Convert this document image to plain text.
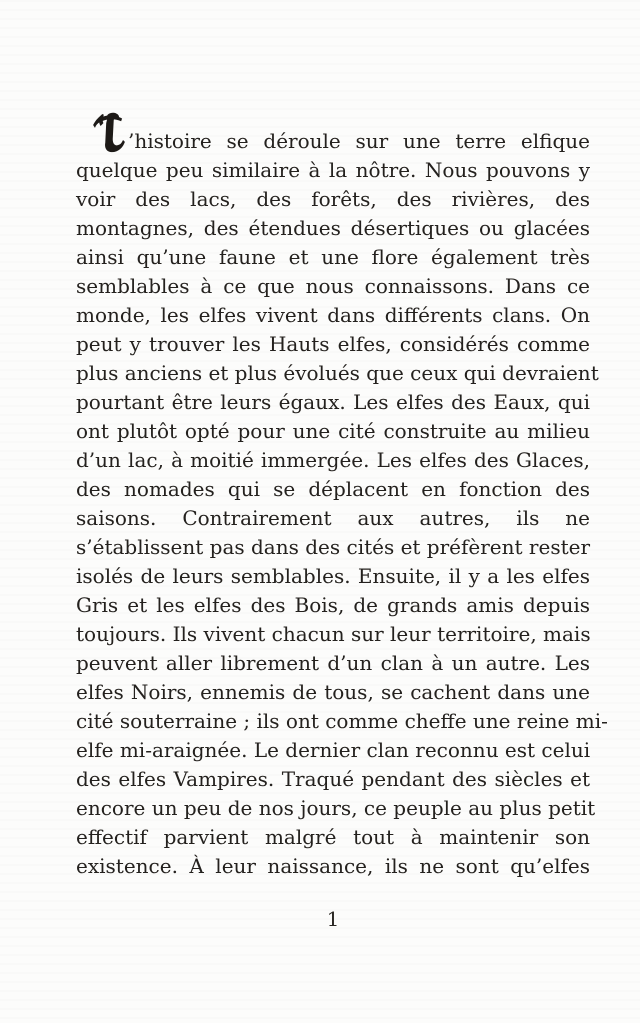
’histoire se déroule sur une terre elfique
quelque peu similaire à la nôtre. Nous pouvons y
voir des lacs, des forêts, des rivières, des
montagnes, des étendues désertiques ou glacées
ainsi qu’une faune et une flore également très
semblables à ce que nous connaissons. Dans ce
monde, les elfes vivent dans différents clans. On
peut y trouver les Hauts elfes, considérés comme
plus anciens et plus évolués que ceux qui devraient
pourtant être leurs égaux. Les elfes des Eaux, qui
ont plutôt opté pour une cité construite au milieu
d’un lac, à moitié immergée. Les elfes des Glaces,
des nomades qui se déplacent en fonction des
saisons. Contrairement aux autres, ils ne
s’établissent pas dans des cités et préfèrent rester
isolés de leurs semblables. Ensuite, il y a les elfes
Gris et les elfes des Bois, de grands amis depuis
toujours. Ils vivent chacun sur leur territoire, mais
peuvent aller librement d’un clan à un autre. Les
elfes Noirs, ennemis de tous, se cachent dans une
cité souterraine ; ils ont comme cheffe une reine mi-
elfe mi-araignée. Le dernier clan reconnu est celui
des elfes Vampires. Traqué pendant des siècles et
encore un peu de nos jours, ce peuple au plus petit
effectif parvient malgré tout à maintenir son
existence. À leur naissance, ils ne sont qu’elfes
1
